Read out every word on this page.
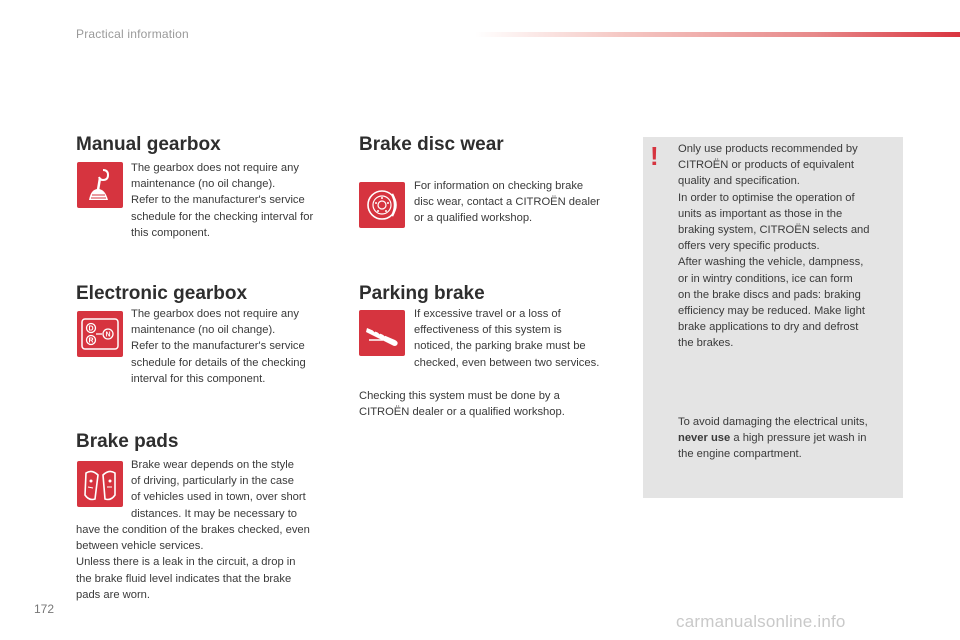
Practical information
Manual gearbox

The gearbox does not require any

maintenance (no oil change).

Refer to the manufacturer's service

schedule for the checking interval for

this component.

Electronic gearbox
D
R
N

The gearbox does not require any

maintenance (no oil change).

Refer to the manufacturer's service

schedule for details of the checking

interval for this component.

Brake pads

Brake wear depends on the style

of driving, particularly in the case

of vehicles used in town, over short

distances. It may be necessary to

have the condition of the brakes checked, even

between vehicle services.

Unless there is a leak in the circuit, a drop in

the brake fluid level indicates that the brake

pads are worn.

Brake disc wear

For information on checking brake

disc wear, contact a CITROËN dealer

or a qualified workshop.

Parking brake

If excessive travel or a loss of

effectiveness of this system is

noticed, the parking brake must be

checked, even between two services.

Checking this system must be done by a

CITROËN dealer or a qualified workshop.

! Only use products recommended by

CITROËN or products of equivalent

quality and specification.

In order to optimise the operation of

units as important as those in the

braking system, CITROËN selects and

offers very specific products.

After washing the vehicle, dampness,

or in wintry conditions, ice can form

on the brake discs and pads: braking

efficiency may be reduced. Make light

brake applications to dry and defrost

the brakes.

To avoid damaging the electrical units,

never use a high pressure jet wash in

the engine compartment.

172
carmanualsonline.info
